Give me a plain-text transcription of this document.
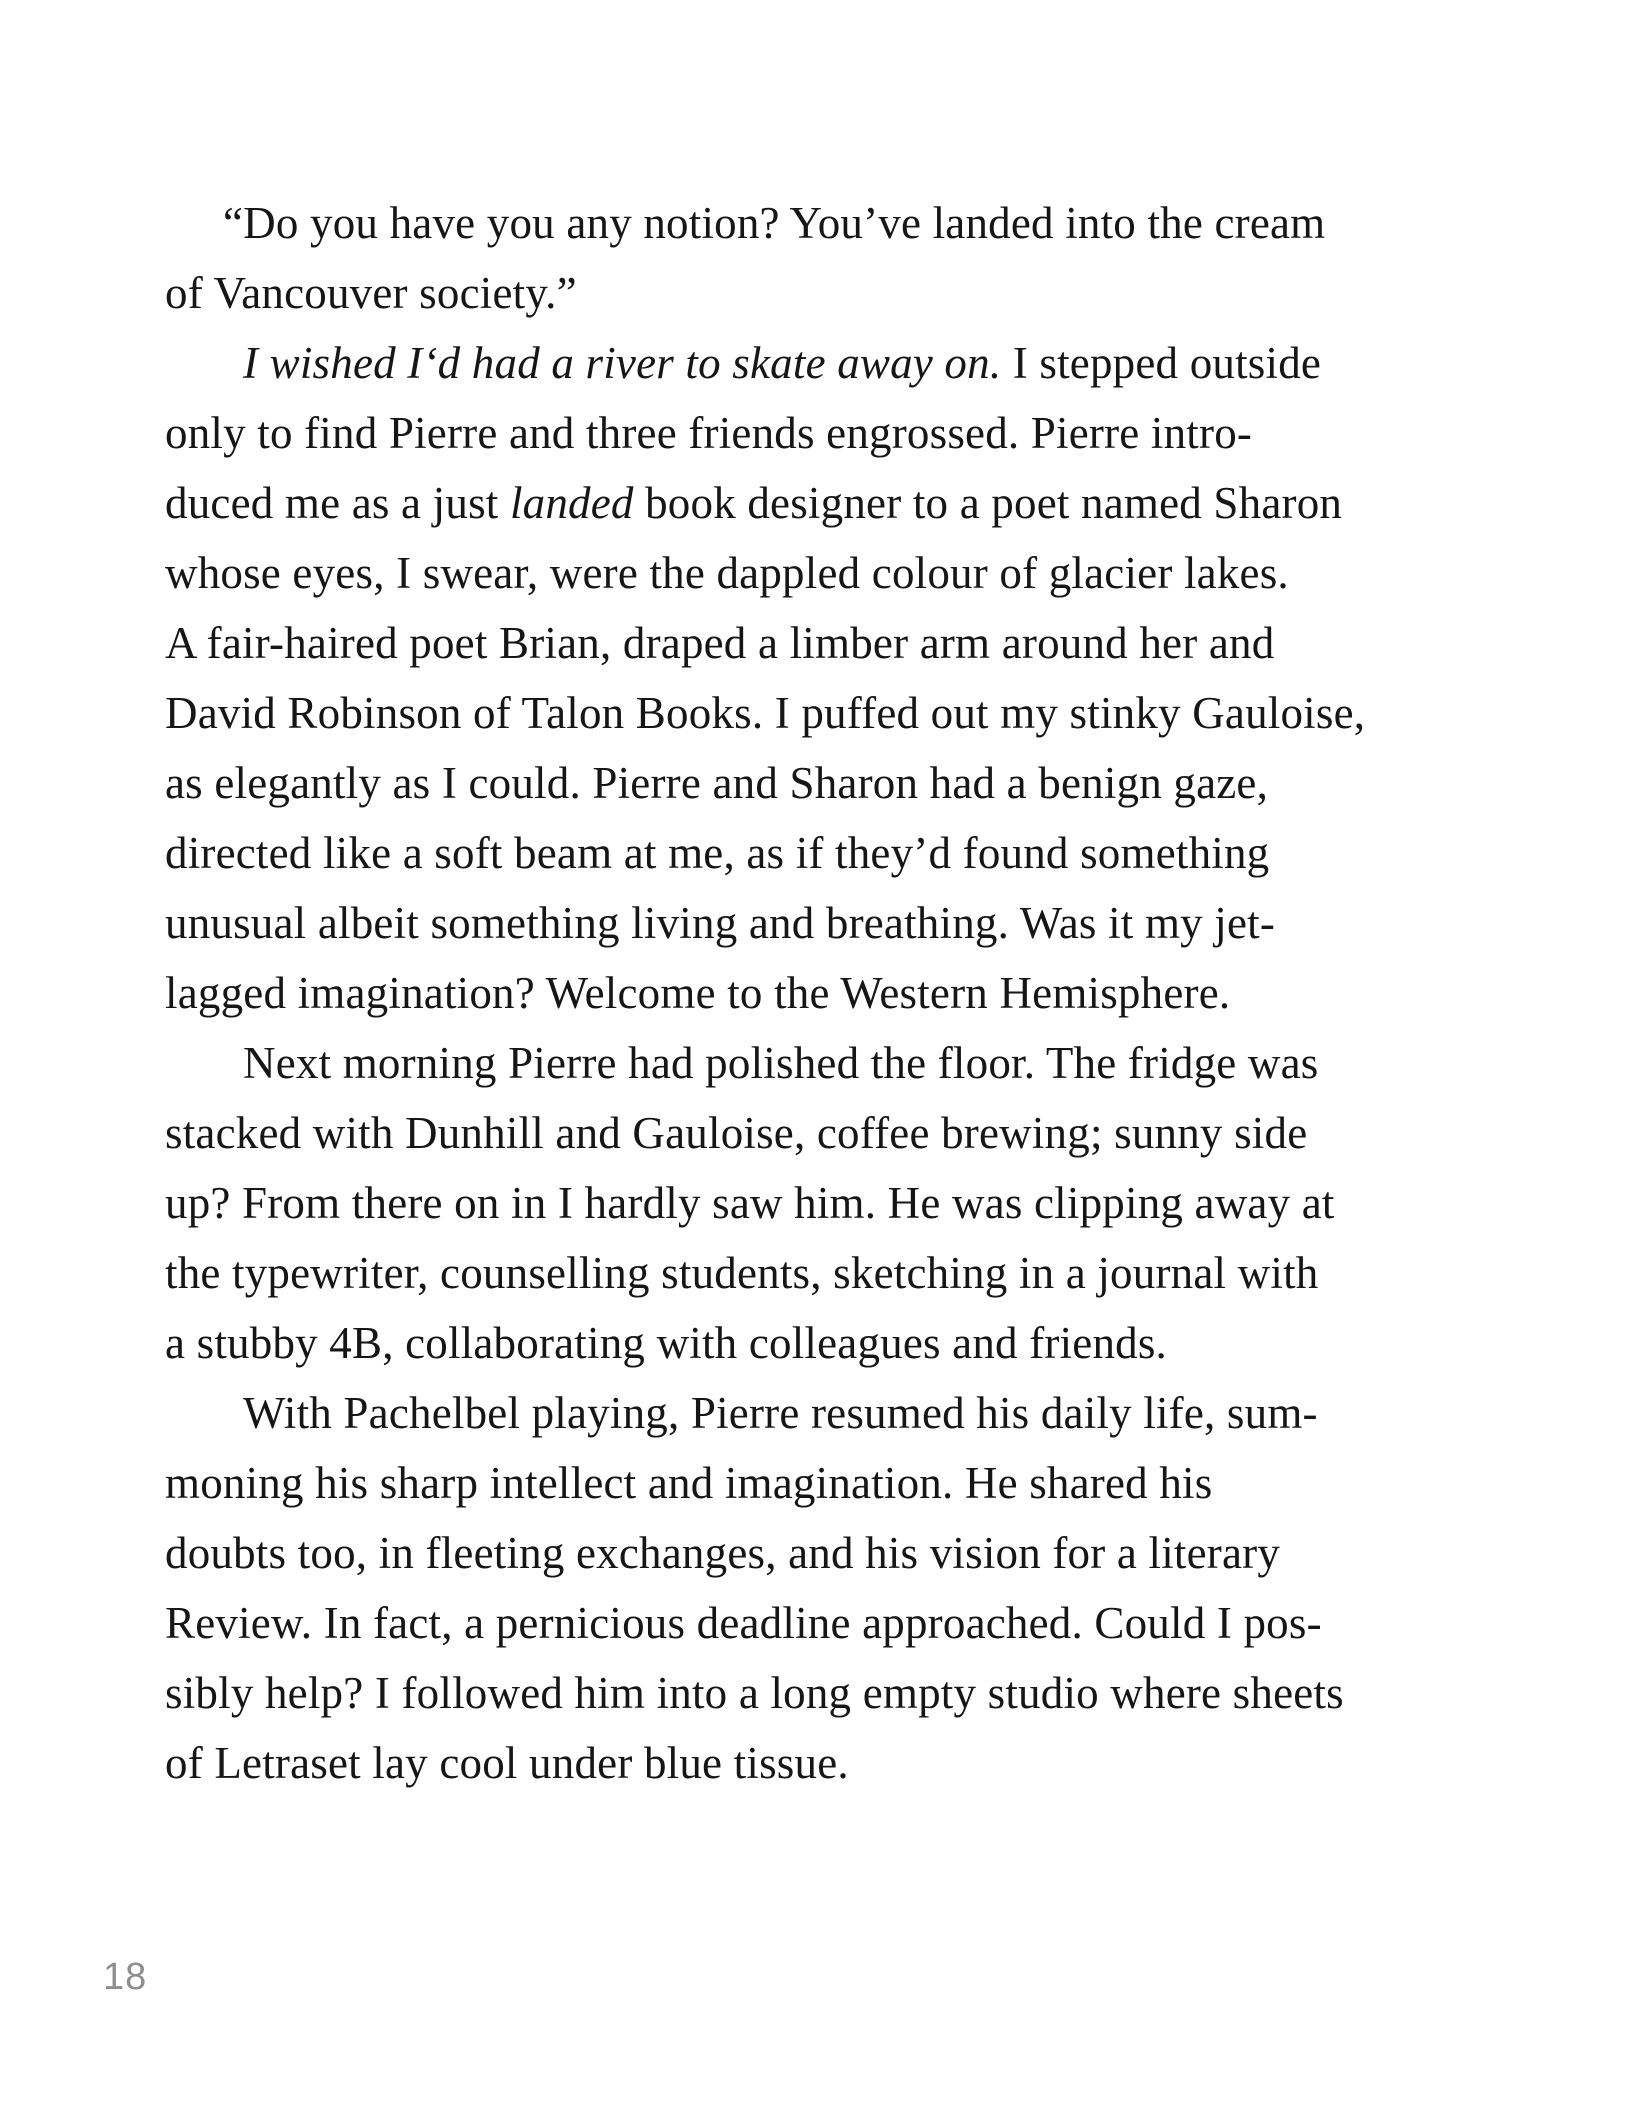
“Do you have you any notion? You’ve landed into the cream
of Vancouver society.”
I wished I‘d had a river to skate away on. I stepped outside
only to find Pierre and three friends engrossed. Pierre intro-
duced me as a just landed book designer to a poet named Sharon
whose eyes, I swear, were the dappled colour of glacier lakes.
A fair-haired poet Brian, draped a limber arm around her and
David Robinson of Talon Books. I puffed out my stinky Gauloise,
as elegantly as I could. Pierre and Sharon had a benign gaze,
directed like a soft beam at me, as if they’d found something
unusual albeit something living and breathing. Was it my jet-
lagged imagination? Welcome to the Western Hemisphere.
Next morning Pierre had polished the floor. The fridge was
stacked with Dunhill and Gauloise, coffee brewing; sunny side
up? From there on in I hardly saw him. He was clipping away at
the typewriter, counselling students, sketching in a journal with
a stubby 4B, collaborating with colleagues and friends.
With Pachelbel playing, Pierre resumed his daily life, sum-
moning his sharp intellect and imagination. He shared his
doubts too, in fleeting exchanges, and his vision for a literary
Review. In fact, a pernicious deadline approached. Could I pos-
sibly help? I followed him into a long empty studio where sheets
of Letraset lay cool under blue tissue.
18
